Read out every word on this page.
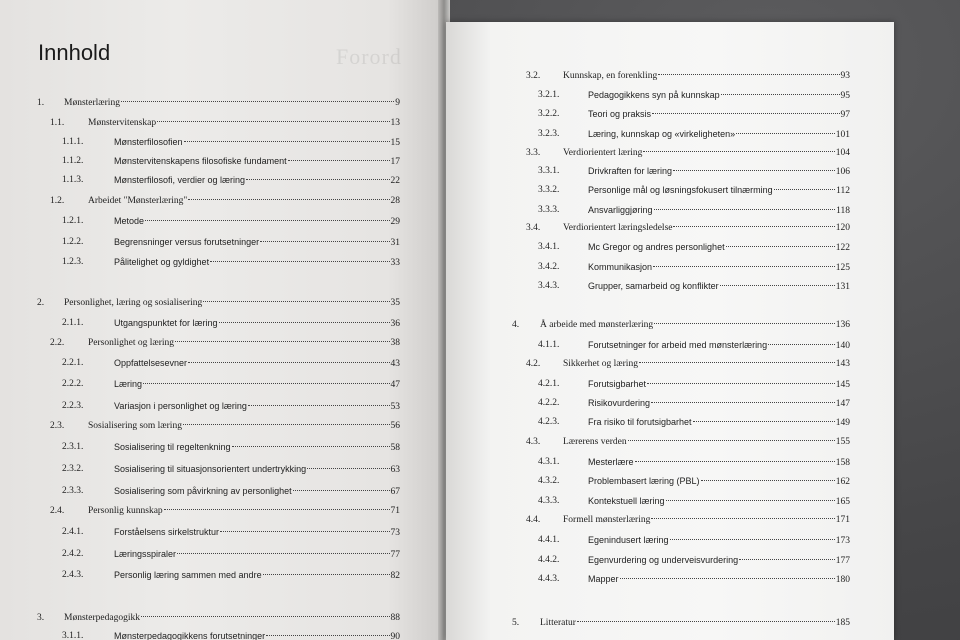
Forord
Innhold
1. Mønsterlæring	9
1.1.	Mønstervitenskap	13
1.1.1.	Mønsterfilosofien	15
1.1.2.	Mønstervitenskapens filosofiske fundament	17
1.1.3.	Mønsterfilosofi, verdier og læring	22
1.2.	Arbeidet "Mønsterlæring"	28
1.2.1.	Metode	29
1.2.2.	Begrensninger versus forutsetninger	31
1.2.3.	Pålitelighet og gyldighet	33
2. Personlighet, læring og sosialisering	35
2.1.1.	Utgangspunktet for læring	36
2.2.	Personlighet og læring	38
2.2.1.	Oppfattelsesevner	43
2.2.2.	Læring	47
2.2.3.	Variasjon i personlighet og læring	53
2.3.	Sosialisering som læring	56
2.3.1.	Sosialisering til regeltenkning	58
2.3.2.	Sosialisering til situasjonsorientert undertrykking	63
2.3.3.	Sosialisering som påvirkning av personlighet	67
2.4.	Personlig kunnskap	71
2.4.1.	Forståelsens sirkelstruktur	73
2.4.2.	Læringsspiraler	77
2.4.3.	Personlig læring sammen med andre	82
3. Mønsterpedagogikk	88
3.1.1.	Mønsterpedagogikkens forutsetninger	90
3.2. Kunnskap, en forenkling	93
3.2.1.	Pedagogikkens syn på kunnskap	95
3.2.2.	Teori og praksis	97
3.2.3.	Læring, kunnskap og «virkeligheten»	101
3.3. Verdiorientert læring	104
3.3.1.	Drivkraften for læring	106
3.3.2.	Personlige mål og løsningsfokusert tilnærming	112
3.3.3.	Ansvarliggjøring	118
3.4. Verdiorientert læringsledelse	120
3.4.1.	Mc Gregor og andres personlighet	122
3.4.2.	Kommunikasjon	125
3.4.3.	Grupper, samarbeid og konflikter	131
4. Å arbeide med mønsterlæring	136
4.1.1.	Forutsetninger for arbeid med mønsterlæring	140
4.2. Sikkerhet og læring	143
4.2.1.	Forutsigbarhet	145
4.2.2.	Risikovurdering	147
4.2.3.	Fra risiko til forutsigbarhet	149
4.3. Lærerens verden	155
4.3.1.	Mesterlære	158
4.3.2.	Problembasert læring (PBL)	162
4.3.3.	Kontekstuell læring	165
4.4. Formell mønsterlæring	171
4.4.1.	Egenindusert læring	173
4.4.2.	Egenvurdering og underveisvurdering	177
4.4.3.	Mapper	180
5. Litteratur	185
